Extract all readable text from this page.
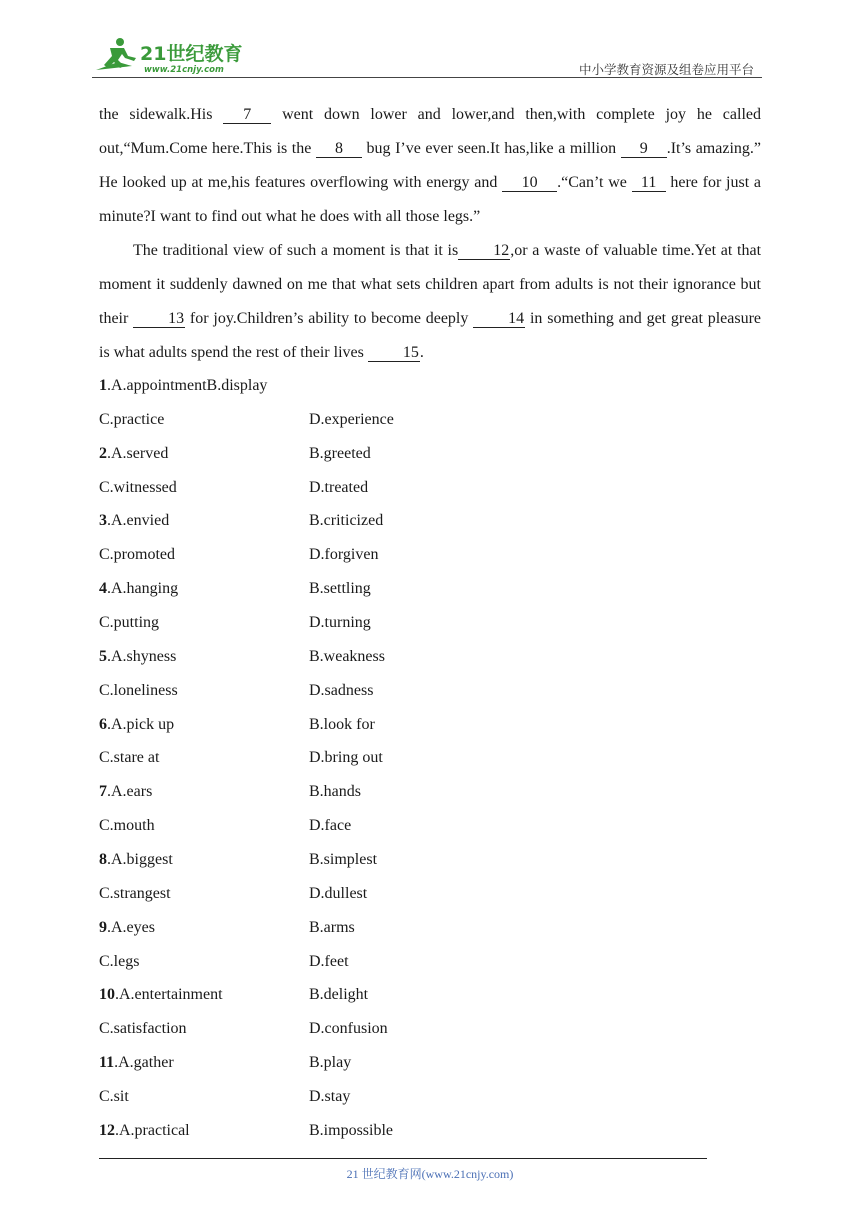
21世纪教育
www.21cnjy.com	中小学教育资源及组卷应用平台

the sidewalk.His 7 went down lower and lower,and then,with complete joy he called out,“Mum.Come here.This is the 8 bug I’ve ever seen.It has,like a million 9 .It’s amazing.” He looked up at me,his features overflowing with energy and 10 .“Can’t we 11 here for just a minute?I want to find out what he does with all those legs.”

The traditional view of such a moment is that it is 12,or a waste of valuable time.Yet at that moment it suddenly dawned on me that what sets children apart from adults is not their ignorance but their 13 for joy.Children’s ability to become deeply 14 in something and get great pleasure is what adults spend the rest of their lives 15.

1.A.appointmentB.display
C.practice	D.experience
2.A.served	B.greeted
C.witnessed	D.treated
3.A.envied	B.criticized
C.promoted	D.forgiven
4.A.hanging	B.settling
C.putting	D.turning
5.A.shyness	B.weakness
C.loneliness	D.sadness
6.A.pick up	B.look for
C.stare at	D.bring out
7.A.ears	B.hands
C.mouth	D.face
8.A.biggest	B.simplest
C.strangest	D.dullest
9.A.eyes	B.arms
C.legs	D.feet
10.A.entertainment	B.delight
C.satisfaction	D.confusion
11.A.gather	B.play
C.sit	D.stay
12.A.practical	B.impossible
21 世纪教育网(www.21cnjy.com)
